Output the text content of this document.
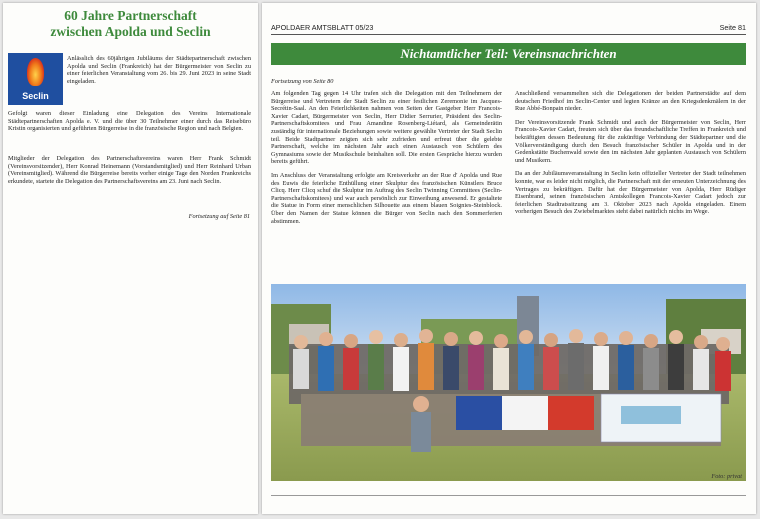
60 Jahre Partnerschaft
zwischen Apolda und Seclin
Seclin
Anlässlich des 60jährigen Jubiläums der Städtepartnerschaft zwischen Apolda und Seclin (Frankreich) hat der Bürgermeister von Seclin zu einer feierlichen Veranstaltung vom 26. bis 29. Juni 2023 in seine Stadt eingeladen.
Gefolgt waren dieser Einladung eine Delegation des Vereins Internationale Städtepartnerschaften Apolda e. V. und die über 30 Teilnehmer einer durch das Reisebüro Kristin organisierten und geführten Bürgerreise in die französische Region und nach Belgien.
Mitglieder der Delegation des Partnerschaftsvereins waren Herr Frank Schmidt (Vereinsvorsitzender), Herr Konrad Heinemann (Vorstandsmitglied) und Herr Reinhard Urban (Vereinsmitglied). Während die Bürgerreise bereits vorher einige Tage den Norden Frankreichs erkundete, startete die Delegation des Partnerschaftsvereins am 23. Juni nach Seclin.
Fortsetzung auf Seite 81
APOLDAER AMTSBLATT 05/23	Seite 81
Nichtamtlicher Teil: Vereinsnachrichten
Fortsetzung von Seite 80

Am folgenden Tag gegen 14 Uhr trafen sich die Delegation mit den Teilnehmern der Bürgerreise und Vertretern der Stadt Seclin zu einer festlichen Zeremonie im Jacques-Secrétin-Saal. An den Feierlichkeiten nahmen von Seiten der Gastgeber Herr Francois-Xavier Cadart, Bürgermeister von Seclin, Herr Didier Serrurier, Präsident des Seclin-Partnerschaftskomitees und Frau Amandine Rosenberg-Liétard, als Gemeinderätin zuständig für internationale Beziehungen sowie weitere gewählte Vertreter der Stadt Seclin teil. Beide Stadtpartner zeigten sich sehr zufrieden und erfreut über die gelebte Partnerschaft, welche im nächsten Jahr auch einen Austausch von Schülern des Gymnasiums sowie der Musikschule beinhalten soll. Die ersten Gespräche hierzu wurden bereits geführt.

Im Anschluss der Veranstaltung erfolgte am Kreisverkehr an der Rue d' Apolda und Rue des Euwis die feierliche Enthüllung einer Skulptur des französischen Künstlers Bruce Clicq. Herr Clicq schuf die Skulptur im Auftrag des Seclin Twinning Committees (Seclin-Partnerschaftskomitees) und war auch persönlich zur Einweihung anwesend. Er gestaltete die Statue in Form einer menschlichen Silhouette aus einem blauen Soignies-Steinblock. Über den Namen der Statue können die Bürger von Seclin nach den Sommerferien abstimmen.

Anschließend versammelten sich die Delegationen der beiden Partnerstädte auf dem deutschen Friedhof im Seclin-Center und legten Kränze an den Kriegsdenkmälern in der Rue Abbé-Bonpain nieder.

Der Vereinsvorsitzende Frank Schmidt und auch der Bürgermeister von Seclin, Herr Francois-Xavier Cadart, freuten sich über das freundschaftliche Treffen in Frankreich und bekräftigten dessen Bedeutung für die zukünftige Verbindung der Städtepartner und die Völkerverständigung durch den Besuch französischer Schüler in Apolda und in der Gedenkstätte Buchenwald sowie den im nächsten Jahr geplanten Austausch von Schülern und Musikern.

Da an der Jubiläumsveranstaltung in Seclin kein offizieller Vertreter der Stadt teilnehmen konnte, war es leider nicht möglich, die Partnerschaft mit der erneuten Unterzeichnung des Vertrages zu bekräftigen. Dafür hat der Bürgermeister von Apolda, Herr Rüdiger Eisenbrand, seinen französischen Amtskollegen Francois-Xavier Cadart jedoch zur feierlichen Stadtratssitzung am 3. Oktober 2023 nach Apolda eingeladen. Einem vorherigen Besuch des Zwiebelmarktes steht dabei natürlich nichts im Wege.

Foto: privat
